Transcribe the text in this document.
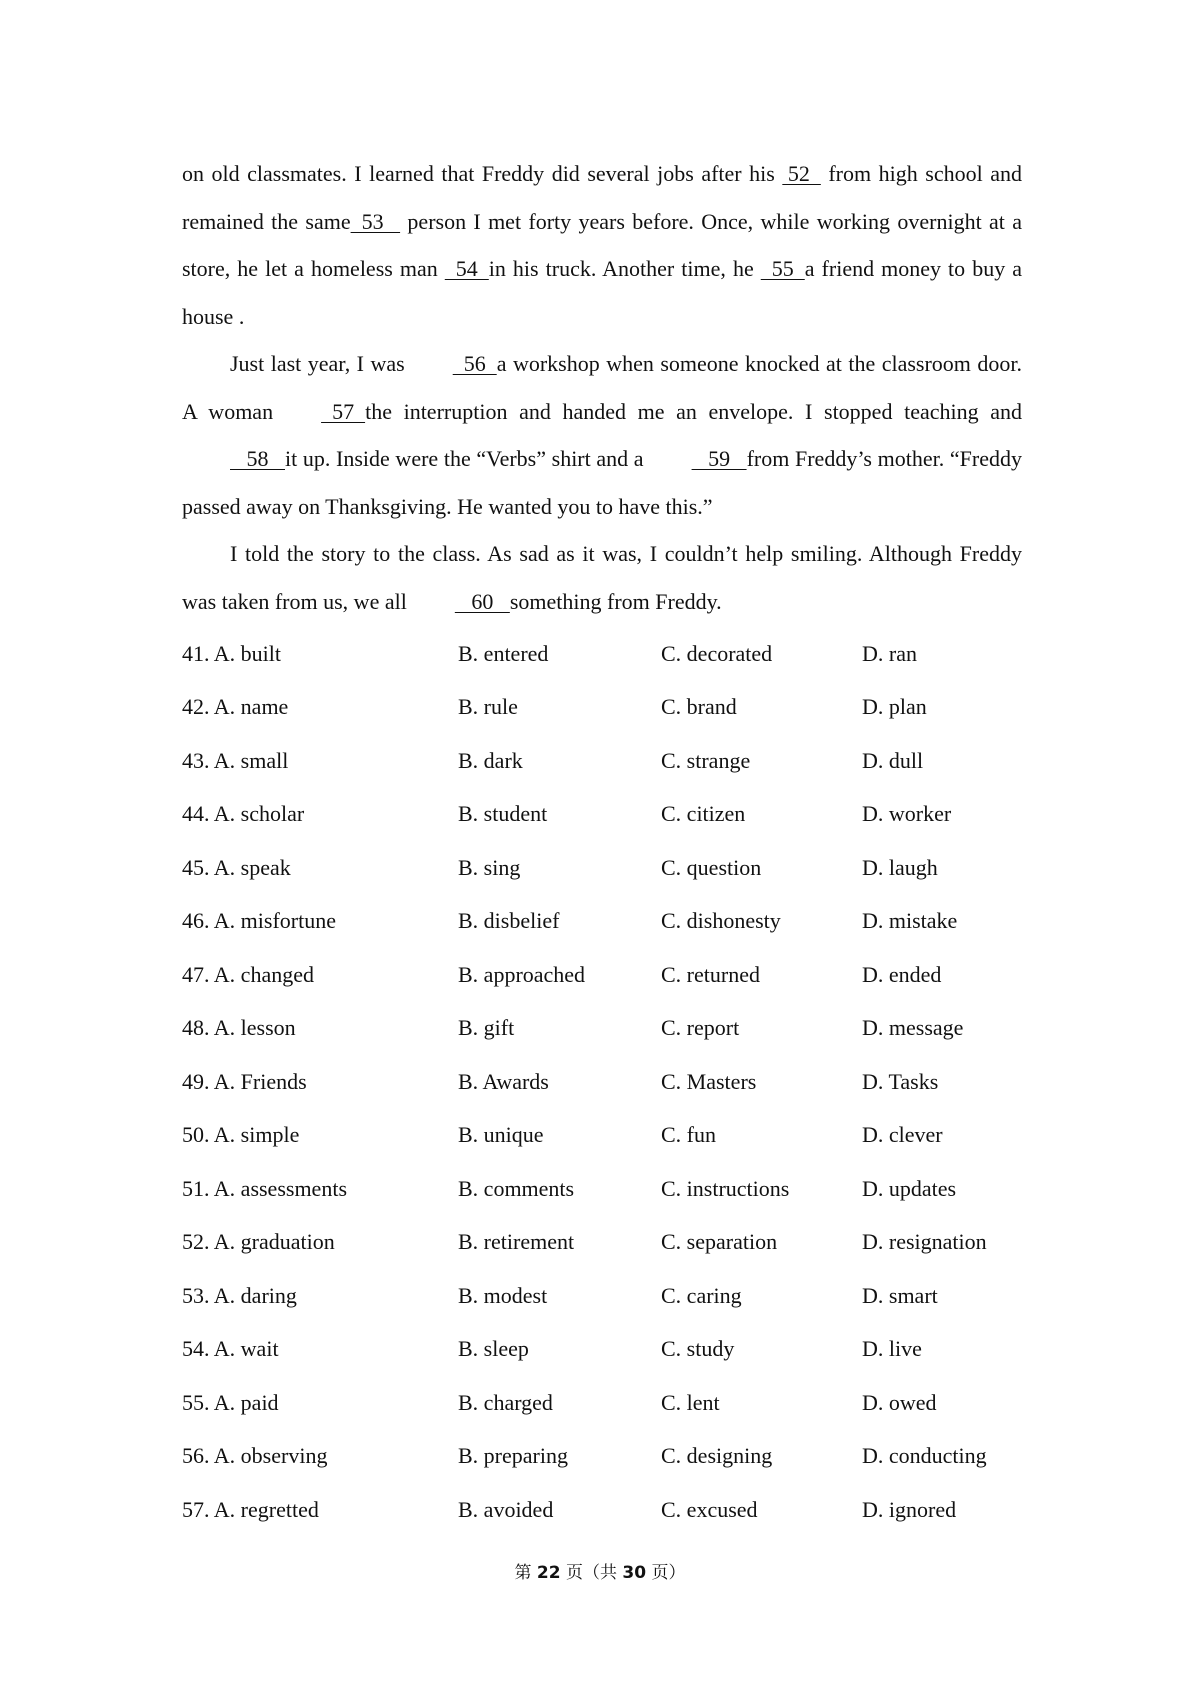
on old classmates. I learned that Freddy did several jobs after his  52   from high school and remained the same  53    person I met forty years before. Once, while working overnight at a store, he let a homeless man   54  in his truck. Another time, he   55  a friend money to buy a house .

Just last year, I was  56  a workshop when someone knocked at the classroom door. A woman  57  the interruption and handed me an envelope. I stopped teaching and   58   it up. Inside were the “Verbs” shirt and a   59   from Freddy’s mother. “Freddy passed away on Thanksgiving. He wanted you to have this.”

I told the story to the class. As sad as it was, I couldn’t help smiling. Although Freddy was taken from us, we all   60   something from Freddy.

41. A. built	B. entered	C. decorated	D. ran
42. A. name	B. rule	C. brand	D. plan
43. A. small	B. dark	C. strange	D. dull
44. A. scholar	B. student	C. citizen	D. worker
45. A. speak	B. sing	C. question	D. laugh
46. A. misfortune	B. disbelief	C. dishonesty	D. mistake
47. A. changed	B. approached	C. returned	D. ended
48. A. lesson	B. gift	C. report	D. message
49. A. Friends	B. Awards	C. Masters	D. Tasks
50. A. simple	B. unique	C. fun	D. clever
51. A. assessments	B. comments	C. instructions	D. updates
52. A. graduation	B. retirement	C. separation	D. resignation
53. A. daring	B. modest	C. caring	D. smart
54. A. wait	B. sleep	C. study	D. live
55. A. paid	B. charged	C. lent	D. owed
56. A. observing	B. preparing	C. designing	D. conducting
57. A. regretted	B. avoided	C. excused	D. ignored
第 22 页（共 30 页）
